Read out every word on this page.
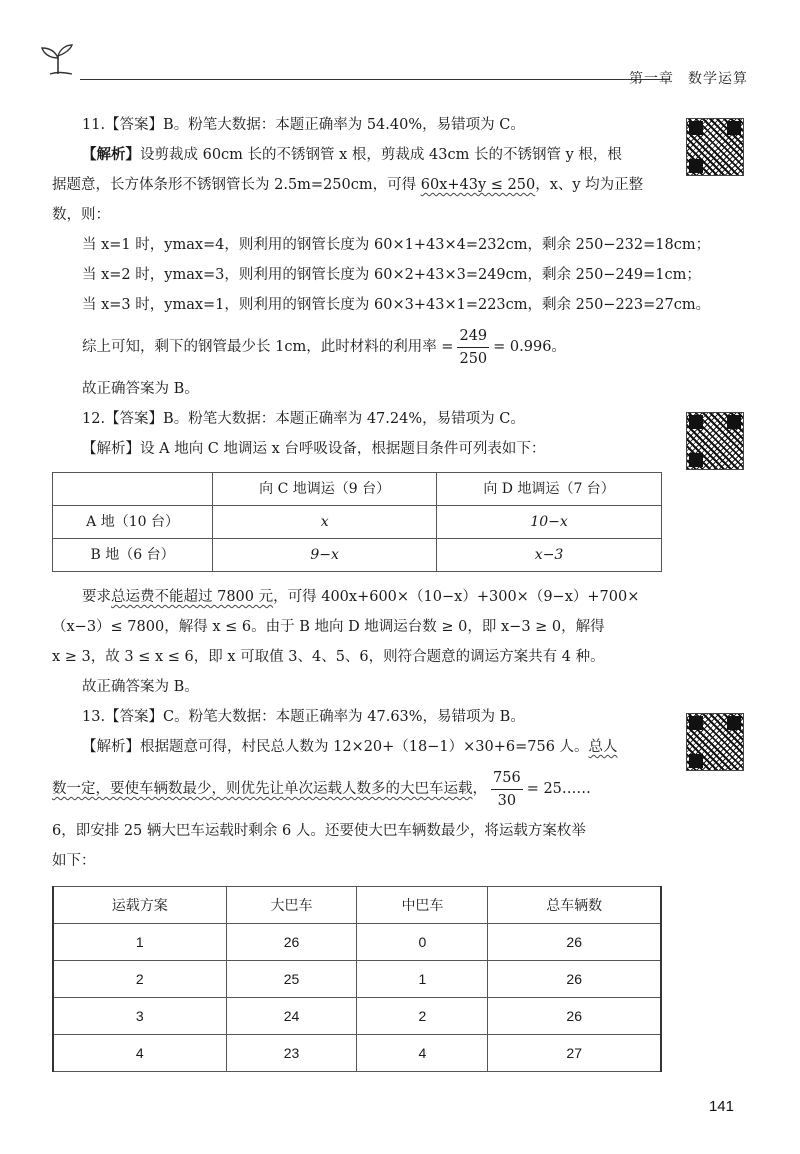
第一章 数学运算
11.【答案】B。粉笔大数据：本题正确率为 54.40%，易错项为 C。
【解析】设剪裁成 60cm 长的不锈钢管 x 根，剪裁成 43cm 长的不锈钢管 y 根，根
据题意，长方体条形不锈钢管长为 2.5m=250cm，可得 60x+43y ≤ 250，x、y 均为正整
数，则：
当 x=1 时，ymax=4，则利用的钢管长度为 60×1+43×4=232cm，剩余 250−232=18cm；
当 x=2 时，ymax=3，则利用的钢管长度为 60×2+43×3=249cm，剩余 250−249=1cm；
当 x=3 时，ymax=1，则利用的钢管长度为 60×3+43×1=223cm，剩余 250−223=27cm。
综上可知，剩下的钢管最少长 1cm，此时材料的利用率 = $\frac{249}{250} = 0.996$。
故正确答案为 B。
12.【答案】B。粉笔大数据：本题正确率为 47.24%，易错项为 C。
【解析】设 A 地向 C 地调运 x 台呼吸设备，根据题目条件可列表如下：
	向 C 地调运（9 台）	向 D 地调运（7 台）
A 地（10 台）	x	10−x
B 地（6 台）	9−x	x−3
要求总运费不能超过 7800 元，可得 400x+600×（10−x）+300×（9−x）+700×
（x−3）≤ 7800，解得 x ≤ 6。由于 B 地向 D 地调运台数 ≥ 0，即 x−3 ≥ 0，解得
x ≥ 3，故 3 ≤ x ≤ 6，即 x 可取值 3、4、5、6，则符合题意的调运方案共有 4 种。
故正确答案为 B。
13.【答案】C。粉笔大数据：本题正确率为 47.63%，易错项为 B。
【解析】根据题意可得，村民总人数为 12×20+（18−1）×30+6=756 人。总人
数一定，要使车辆数最少，则优先让单次运载人数多的大巴车运载， $\frac{756}{30}$ = 25……
6，即安排 25 辆大巴车运载时剩余 6 人。还要使大巴车辆数最少，将运载方案枚举
如下：
运载方案	大巴车	中巴车	总车辆数
1	26	0	26
2	25	1	26
3	24	2	26
4	23	4	27
141
